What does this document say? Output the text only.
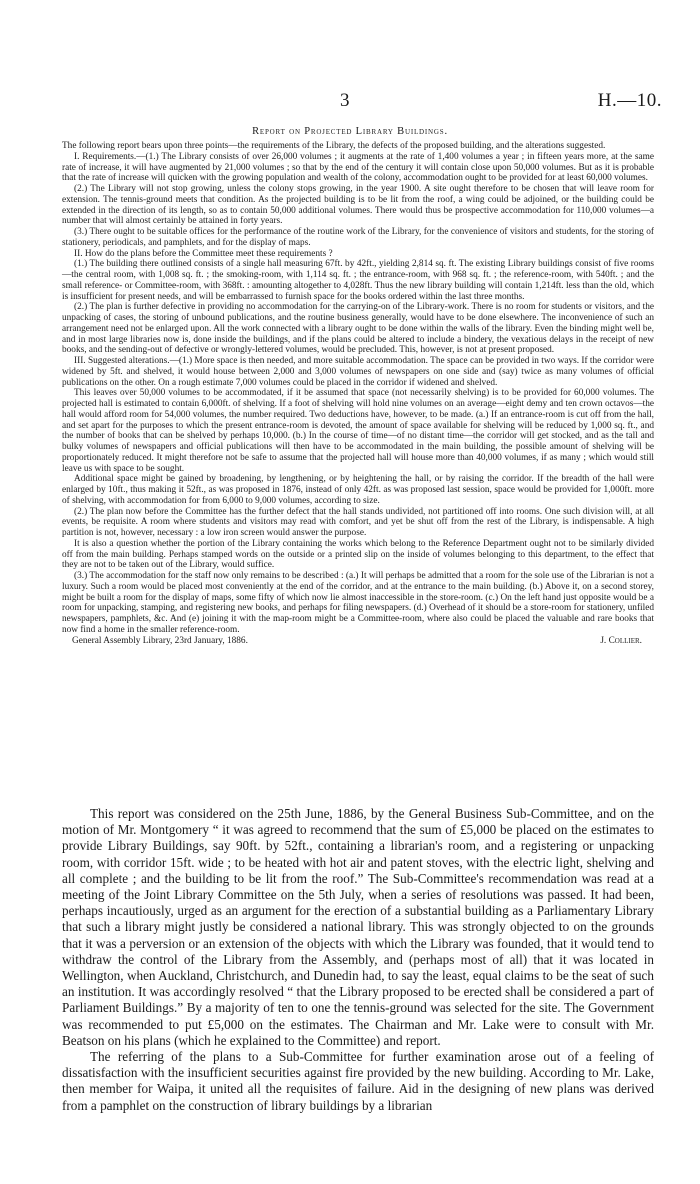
3	H.—10.
Report on Projected Library Buildings.

The following report bears upon three points—the requirements of the Library, the defects of the proposed building, and the alterations suggested.

I. Requirements.—(1.) The Library consists of over 26,000 volumes ; it augments at the rate of 1,400 volumes a year ; in fifteen years more, at the same rate of increase, it will have augmented by 21,000 volumes ; so that by the end of the century it will contain close upon 50,000 volumes. But as it is probable that the rate of increase will quicken with the growing population and wealth of the colony, accommodation ought to be provided for at least 60,000 volumes.

(2.) The Library will not stop growing, unless the colony stops growing, in the year 1900. A site ought therefore to be chosen that will leave room for extension. The tennis-ground meets that condition. As the projected building is to be lit from the roof, a wing could be adjoined, or the building could be extended in the direction of its length, so as to contain 50,000 additional volumes. There would thus be prospective accommodation for 110,000 volumes—a number that will almost certainly be attained in forty years.

(3.) There ought to be suitable offices for the performance of the routine work of the Library, for the convenience of visitors and students, for the storing of stationery, periodicals, and pamphlets, and for the display of maps.

II. How do the plans before the Committee meet these requirements ?

(1.) The building there outlined consists of a single hall measuring 67ft. by 42ft., yielding 2,814 sq. ft. The existing Library buildings consist of five rooms—the central room, with 1,008 sq. ft. ; the smoking-room, with 1,114 sq. ft. ; the entrance-room, with 968 sq. ft. ; the reference-room, with 540ft. ; and the small reference- or Committee-room, with 368ft. : amounting altogether to 4,028ft. Thus the new library building will contain 1,214ft. less than the old, which is insufficient for present needs, and will be embarrassed to furnish space for the books ordered within the last three months.

(2.) The plan is further defective in providing no accommodation for the carrying-on of the Library-work. There is no room for students or visitors, and the unpacking of cases, the storing of unbound publications, and the routine business generally, would have to be done elsewhere. The inconvenience of such an arrangement need not be enlarged upon. All the work connected with a library ought to be done within the walls of the library. Even the binding might well be, and in most large libraries now is, done inside the buildings, and if the plans could be altered to include a bindery, the vexatious delays in the receipt of new books, and the sending-out of defective or wrongly-lettered volumes, would be precluded. This, however, is not at present proposed.

III. Suggested alterations.—(1.) More space is then needed, and more suitable accommodation. The space can be provided in two ways. If the corridor were widened by 5ft. and shelved, it would house between 2,000 and 3,000 volumes of newspapers on one side and (say) twice as many volumes of official publications on the other. On a rough estimate 7,000 volumes could be placed in the corridor if widened and shelved.

This leaves over 50,000 volumes to be accommodated, if it be assumed that space (not necessarily shelving) is to be provided for 60,000 volumes. The projected hall is estimated to contain 6,000ft. of shelving. If a foot of shelving will hold nine volumes on an average—eight demy and ten crown octavos—the hall would afford room for 54,000 volumes, the number required. Two deductions have, however, to be made. (a.) If an entrance-room is cut off from the hall, and set apart for the purposes to which the present entrance-room is devoted, the amount of space available for shelving will be reduced by 1,000 sq. ft., and the number of books that can be shelved by perhaps 10,000. (b.) In the course of time—of no distant time—the corridor will get stocked, and as the tall and bulky volumes of newspapers and official publications will then have to be accommodated in the main building, the possible amount of shelving will be proportionately reduced. It might therefore not be safe to assume that the projected hall will house more than 40,000 volumes, if as many ; which would still leave us with space to be sought.

Additional space might be gained by broadening, by lengthening, or by heightening the hall, or by raising the corridor. If the breadth of the hall were enlarged by 10ft., thus making it 52ft., as was proposed in 1876, instead of only 42ft. as was proposed last session, space would be provided for 1,000ft. more of shelving, with accommodation for from 6,000 to 9,000 volumes, according to size.

(2.) The plan now before the Committee has the further defect that the hall stands undivided, not partitioned off into rooms. One such division will, at all events, be requisite. A room where students and visitors may read with comfort, and yet be shut off from the rest of the Library, is indispensable. A high partition is not, however, necessary : a low iron screen would answer the purpose.

It is also a question whether the portion of the Library containing the works which belong to the Reference Department ought not to be similarly divided off from the main building. Perhaps stamped words on the outside or a printed slip on the inside of volumes belonging to this department, to the effect that they are not to be taken out of the Library, would suffice.

(3.) The accommodation for the staff now only remains to be described : (a.) It will perhaps be admitted that a room for the sole use of the Librarian is not a luxury. Such a room would be placed most conveniently at the end of the corridor, and at the entrance to the main building. (b.) Above it, on a second storey, might be built a room for the display of maps, some fifty of which now lie almost inaccessible in the store-room. (c.) On the left hand just opposite would be a room for unpacking, stamping, and registering new books, and perhaps for filing newspapers. (d.) Overhead of it should be a store-room for stationery, unfiled newspapers, pamphlets, &c. And (e) joining it with the map-room might be a Committee-room, where also could be placed the valuable and rare books that now find a home in the smaller reference-room.

General Assembly Library, 23rd January, 1886.	J. Collier.

This report was considered on the 25th June, 1886, by the General Business Sub-Committee, and on the motion of Mr. Montgomery “ it was agreed to recommend that the sum of £5,000 be placed on the estimates to provide Library Buildings, say 90ft. by 52ft., containing a librarian's room, and a registering or unpacking room, with corridor 15ft. wide ; to be heated with hot air and patent stoves, with the electric light, shelving and all complete ; and the building to be lit from the roof.” The Sub-Committee's recommendation was read at a meeting of the Joint Library Committee on the 5th July, when a series of resolutions was passed. It had been, perhaps incautiously, urged as an argument for the erection of a substantial building as a Parliamentary Library that such a library might justly be considered a national library. This was strongly objected to on the grounds that it was a perversion or an extension of the objects with which the Library was founded, that it would tend to withdraw the control of the Library from the Assembly, and (perhaps most of all) that it was located in Wellington, when Auckland, Christchurch, and Dunedin had, to say the least, equal claims to be the seat of such an institution. It was accordingly resolved “ that the Library proposed to be erected shall be considered a part of Parliament Buildings.” By a majority of ten to one the tennis-ground was selected for the site. The Government was recommended to put £5,000 on the estimates. The Chairman and Mr. Lake were to consult with Mr. Beatson on his plans (which he explained to the Committee) and report.

The referring of the plans to a Sub-Committee for further examination arose out of a feeling of dissatisfaction with the insufficient securities against fire provided by the new building. According to Mr. Lake, then member for Waipa, it united all the requisites of failure. Aid in the designing of new plans was derived from a pamphlet on the construction of library buildings by a librarian
